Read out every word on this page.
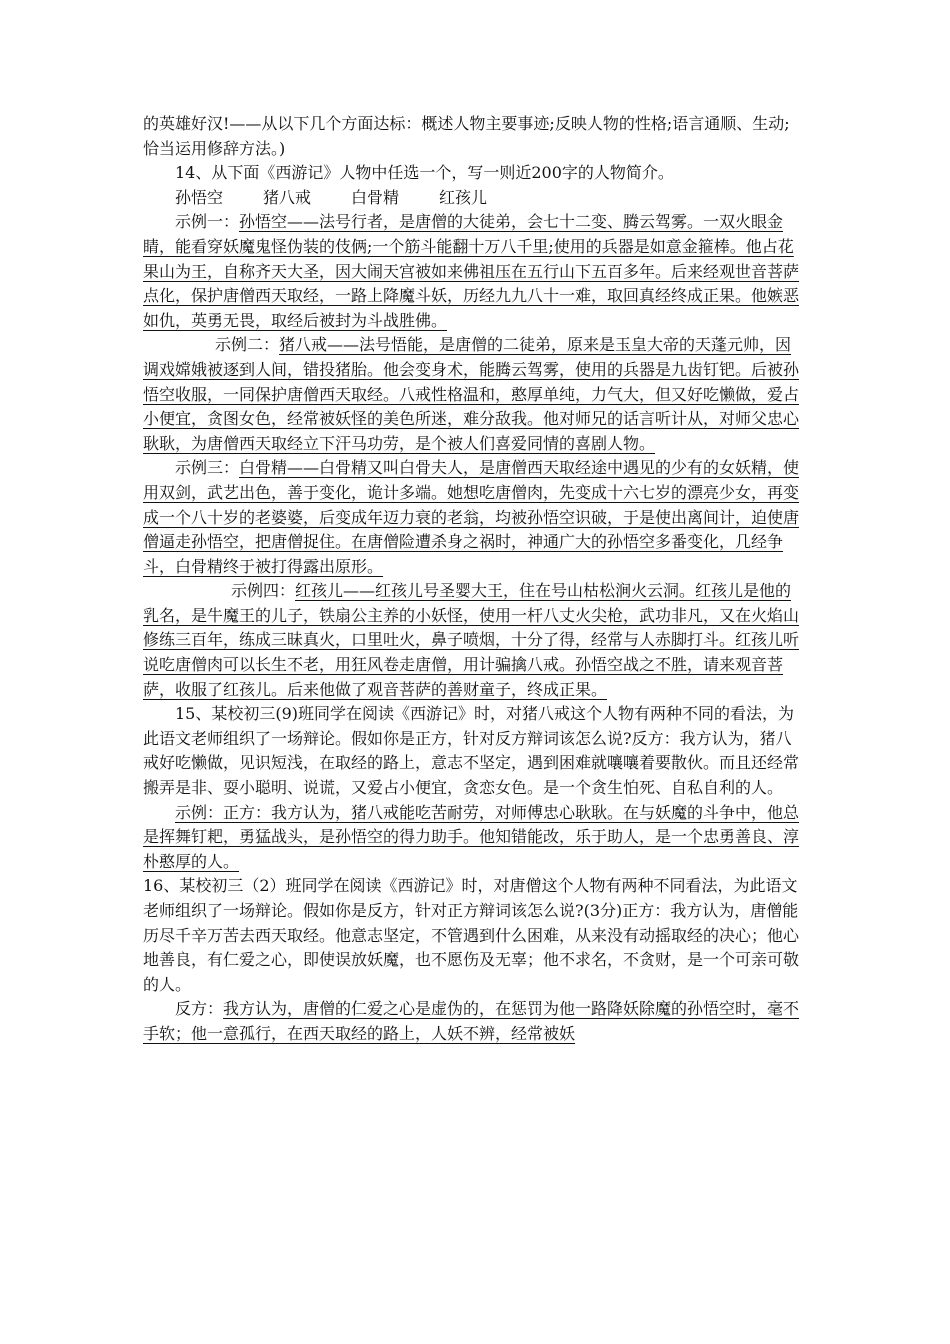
的英雄好汉!——从以下几个方面达标：概述人物主要事迹;反映人物的性格;语言通顺、生动;恰当运用修辞方法。)

14、从下面《西游记》人物中任选一个，写一则近200字的人物简介。

孙悟空	猪八戒	白骨精	红孩儿

示例一：孙悟空——法号行者，是唐僧的大徒弟，会七十二变、腾云驾雾。一双火眼金睛，能看穿妖魔鬼怪伪装的伎俩;一个筋斗能翻十万八千里;使用的兵器是如意金箍棒。他占花果山为王，自称齐天大圣，因大闹天宫被如来佛祖压在五行山下五百多年。后来经观世音菩萨点化，保护唐僧西天取经，一路上降魔斗妖，历经九九八十一难，取回真经终成正果。他嫉恶如仇，英勇无畏，取经后被封为斗战胜佛。

示例二：猪八戒——法号悟能，是唐僧的二徒弟，原来是玉皇大帝的天蓬元帅，因调戏嫦娥被逐到人间，错投猪胎。他会变身术，能腾云驾雾，使用的兵器是九齿钉钯。后被孙悟空收服，一同保护唐僧西天取经。八戒性格温和，憨厚单纯，力气大，但又好吃懒做，爱占小便宜，贪图女色，经常被妖怪的美色所迷，难分敌我。他对师兄的话言听计从，对师父忠心耿耿，为唐僧西天取经立下汗马功劳，是个被人们喜爱同情的喜剧人物。

示例三：白骨精——白骨精又叫白骨夫人，是唐僧西天取经途中遇见的少有的女妖精，使用双剑，武艺出色，善于变化，诡计多端。她想吃唐僧肉，先变成十六七岁的漂亮少女，再变成一个八十岁的老婆婆，后变成年迈力衰的老翁，均被孙悟空识破，于是使出离间计，迫使唐僧逼走孙悟空，把唐僧捉住。在唐僧险遭杀身之祸时，神通广大的孙悟空多番变化，几经争斗，白骨精终于被打得露出原形。

示例四：红孩儿——红孩儿号圣婴大王，住在号山枯松涧火云洞。红孩儿是他的乳名，是牛魔王的儿子，铁扇公主养的小妖怪，使用一杆八丈火尖枪，武功非凡，又在火焰山修练三百年，练成三昧真火，口里吐火，鼻子喷烟，十分了得，经常与人赤脚打斗。红孩儿听说吃唐僧肉可以长生不老，用狂风卷走唐僧，用计骗擒八戒。孙悟空战之不胜，请来观音菩萨，收服了红孩儿。后来他做了观音菩萨的善财童子，终成正果。

15、某校初三(9)班同学在阅读《西游记》时，对猪八戒这个人物有两种不同的看法，为此语文老师组织了一场辩论。假如你是正方，针对反方辩词该怎么说?反方：我方认为，猪八戒好吃懒做，见识短浅，在取经的路上，意志不坚定，遇到困难就嚷嚷着要散伙。而且还经常搬弄是非、耍小聪明、说谎，又爱占小便宜，贪恋女色。是一个贪生怕死、自私自利的人。

示例：正方：我方认为，猪八戒能吃苦耐劳，对师傅忠心耿耿。在与妖魔的斗争中，他总是挥舞钉耙，勇猛战头，是孙悟空的得力助手。他知错能改，乐于助人，是一个忠勇善良、淳朴憨厚的人。

16、某校初三（2）班同学在阅读《西游记》时，对唐僧这个人物有两种不同看法，为此语文老师组织了一场辩论。假如你是反方，针对正方辩词该怎么说?(3分)正方：我方认为，唐僧能历尽千辛万苦去西天取经。他意志坚定，不管遇到什么困难，从来没有动摇取经的决心；他心地善良，有仁爱之心，即使误放妖魔，也不愿伤及无辜；他不求名，不贪财，是一个可亲可敬的人。

反方：我方认为，唐僧的仁爱之心是虚伪的，在惩罚为他一路降妖除魔的孙悟空时，毫不手软；他一意孤行，在西天取经的路上，人妖不辨，经常被妖
